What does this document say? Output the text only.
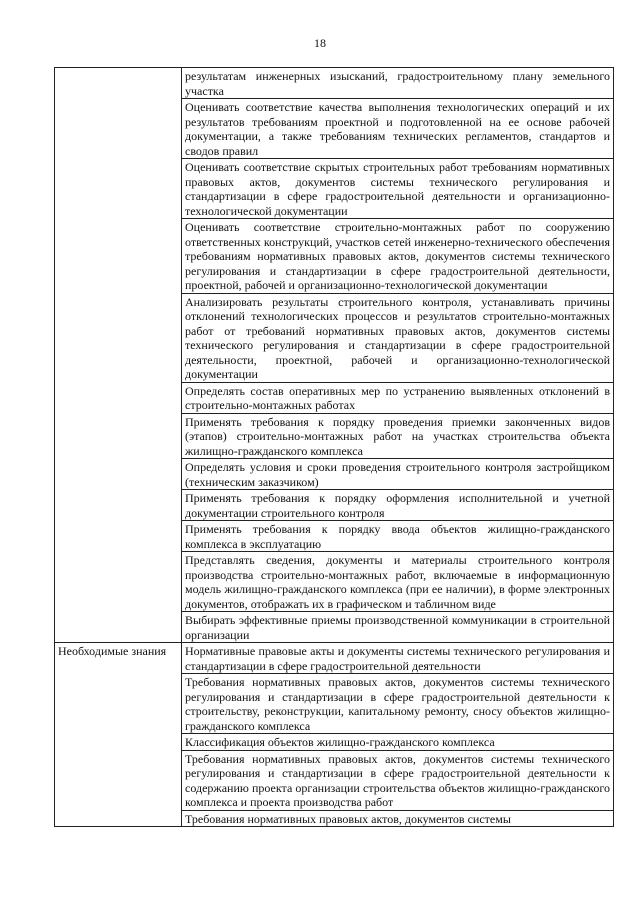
18
	результатам инженерных изысканий, градостроительному плану земельного участка
	Оценивать соответствие качества выполнения технологических операций и их результатов требованиям проектной и подготовленной на ее основе рабочей документации, а также требованиям технических регламентов, стандартов и сводов правил
	Оценивать соответствие скрытых строительных работ требованиям нормативных правовых актов, документов системы технического регулирования и стандартизации в сфере градостроительной деятельности и организационно-технологической документации
	Оценивать соответствие строительно-монтажных работ по сооружению ответственных конструкций, участков сетей инженерно-технического обеспечения требованиям нормативных правовых актов, документов системы технического регулирования и стандартизации в сфере градостроительной деятельности, проектной, рабочей и организационно-технологической документации
	Анализировать результаты строительного контроля, устанавливать причины отклонений технологических процессов и результатов строительно-монтажных работ от требований нормативных правовых актов, документов системы технического регулирования и стандартизации в сфере градостроительной деятельности, проектной, рабочей и организационно-технологической документации
	Определять состав оперативных мер по устранению выявленных отклонений в строительно-монтажных работах
	Применять требования к порядку проведения приемки законченных видов (этапов) строительно-монтажных работ на участках строительства объекта жилищно-гражданского комплекса
	Определять условия и сроки проведения строительного контроля застройщиком (техническим заказчиком)
	Применять требования к порядку оформления исполнительной и учетной документации строительного контроля
	Применять требования к порядку ввода объектов жилищно-гражданского комплекса в эксплуатацию
	Представлять сведения, документы и материалы строительного контроля производства строительно-монтажных работ, включаемые в информационную модель жилищно-гражданского комплекса (при ее наличии), в форме электронных документов, отображать их в графическом и табличном виде
	Выбирать эффективные приемы производственной коммуникации в строительной организации
Необходимые знания	Нормативные правовые акты и документы системы технического регулирования и стандартизации в сфере градостроительной деятельности
	Требования нормативных правовых актов, документов системы технического регулирования и стандартизации в сфере градостроительной деятельности к строительству, реконструкции, капитальному ремонту, сносу объектов жилищно-гражданского комплекса
	Классификация объектов жилищно-гражданского комплекса
	Требования нормативных правовых актов, документов системы технического регулирования и стандартизации в сфере градостроительной деятельности к содержанию проекта организации строительства объектов жилищно-гражданского комплекса и проекта производства работ
	Требования нормативных правовых актов, документов системы
